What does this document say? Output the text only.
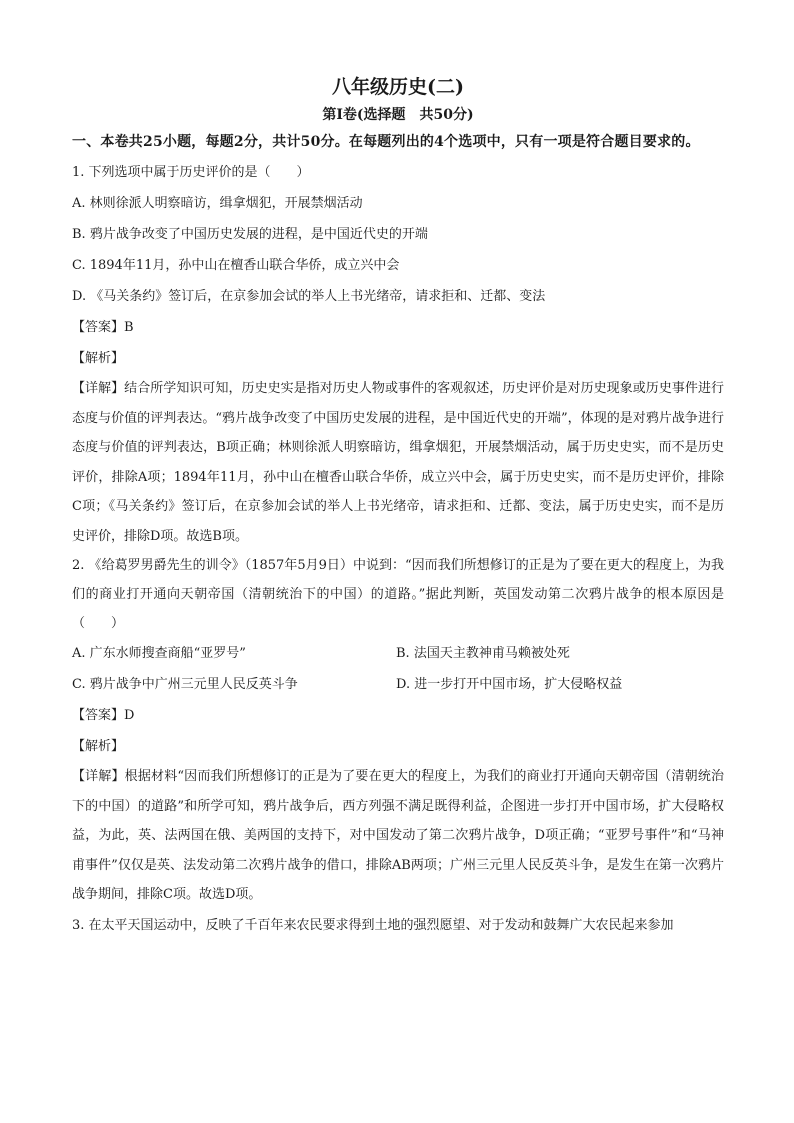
八年级历史(二)
第Ⅰ卷(选择题　共50分)
一、本卷共25小题，每题2分，共计50分。在每题列出的4个选项中，只有一项是符合题目要求的。
1. 下列选项中属于历史评价的是（　　）
A. 林则徐派人明察暗访，缉拿烟犯，开展禁烟活动
B. 鸦片战争改变了中国历史发展的进程，是中国近代史的开端
C. 1894年11月，孙中山在檀香山联合华侨，成立兴中会
D. 《马关条约》签订后，在京参加会试的举人上书光绪帝，请求拒和、迁都、变法
【答案】B
【解析】
【详解】结合所学知识可知，历史史实是指对历史人物或事件的客观叙述，历史评价是对历史现象或历史事件进行态度与价值的评判表达。“鸦片战争改变了中国历史发展的进程，是中国近代史的开端”，体现的是对鸦片战争进行态度与价值的评判表达，B项正确；林则徐派人明察暗访，缉拿烟犯，开展禁烟活动，属于历史史实，而不是历史评价，排除A项；1894年11月，孙中山在檀香山联合华侨，成立兴中会，属于历史史实，而不是历史评价，排除C项；《马关条约》签订后，在京参加会试的举人上书光绪帝，请求拒和、迁都、变法，属于历史史实，而不是历史评价，排除D项。故选B项。
2. 《给葛罗男爵先生的训令》（1857年5月9日）中说到：“因而我们所想修订的正是为了要在更大的程度上，为我们的商业打开通向天朝帝国（清朝统治下的中国）的道路。”据此判断，英国发动第二次鸦片战争的根本原因是（　　）
A. 广东水师搜查商船“亚罗号”	B. 法国天主教神甫马赖被处死
C. 鸦片战争中广州三元里人民反英斗争	D. 进一步打开中国市场，扩大侵略权益
【答案】D
【解析】
【详解】根据材料“因而我们所想修订的正是为了要在更大的程度上，为我们的商业打开通向天朝帝国（清朝统治下的中国）的道路”和所学可知，鸦片战争后，西方列强不满足既得利益，企图进一步打开中国市场，扩大侵略权益，为此，英、法两国在俄、美两国的支持下，对中国发动了第二次鸦片战争，D项正确；“亚罗号事件”和“马神甫事件”仅仅是英、法发动第二次鸦片战争的借口，排除AB两项；广州三元里人民反英斗争，是发生在第一次鸦片战争期间，排除C项。故选D项。
3. 在太平天国运动中，反映了千百年来农民要求得到土地的强烈愿望、对于发动和鼓舞广大农民起来参加
